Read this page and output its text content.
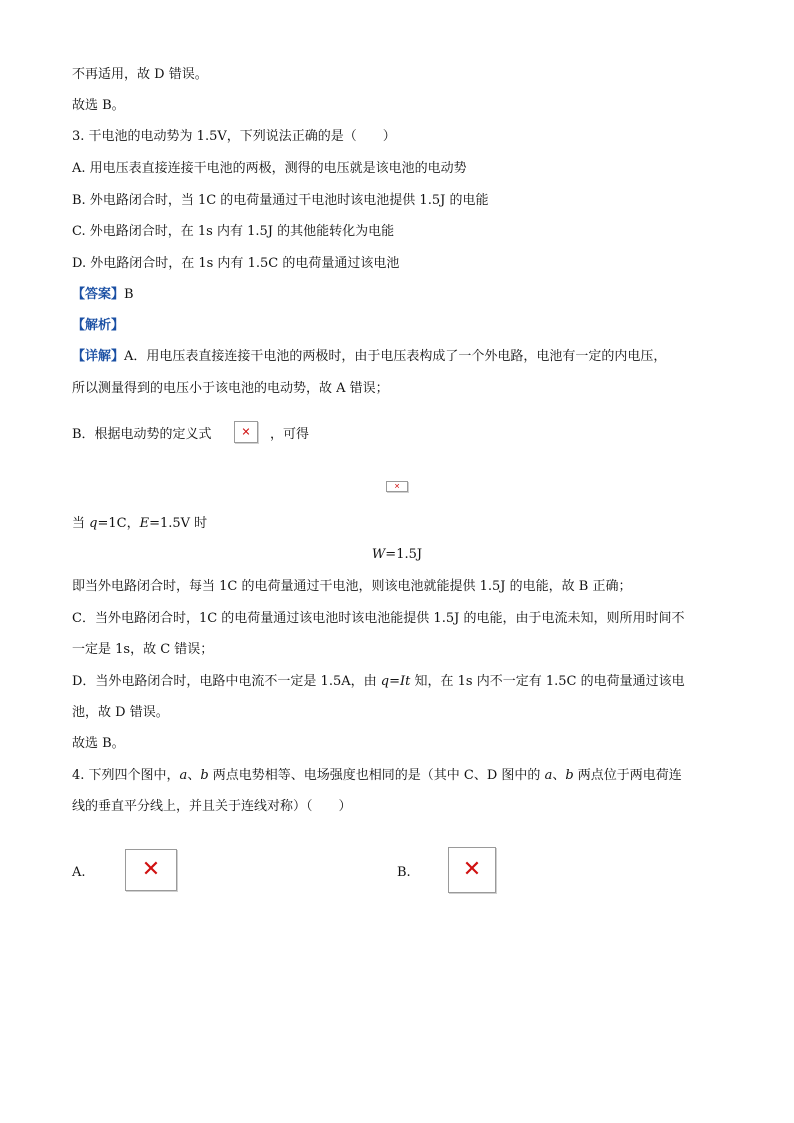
不再适用，故 D 错误。
故选 B。
3. 干电池的电动势为 1.5V，下列说法正确的是（　　）
A. 用电压表直接连接干电池的两极，测得的电压就是该电池的电动势
B. 外电路闭合时，当 1C 的电荷量通过干电池时该电池提供 1.5J 的电能
C. 外电路闭合时，在 1s 内有 1.5J 的其他能转化为电能
D. 外电路闭合时，在 1s 内有 1.5C 的电荷量通过该电池
【答案】B
【解析】
【详解】A．用电压表直接连接干电池的两极时，由于电压表构成了一个外电路，电池有一定的内电压，
所以测量得到的电压小于该电池的电动势，故 A 错误；
B．根据电动势的定义式	✕ ，可得
✕
当 q=1C，E=1.5V 时
W=1.5J
即当外电路闭合时，每当 1C 的电荷量通过干电池，则该电池就能提供 1.5J 的电能，故 B 正确；
C．当外电路闭合时，1C 的电荷量通过该电池时该电池能提供 1.5J 的电能，由于电流未知，则所用时间不
一定是 1s，故 C 错误；
D．当外电路闭合时，电路中电流不一定是 1.5A，由 q=It 知，在 1s 内不一定有 1.5C 的电荷量通过该电
池，故 D 错误。
故选 B。
4. 下列四个图中，a、b 两点电势相等、电场强度也相同的是（其中 C、D 图中的 a、b 两点位于两电荷连
线的垂直平分线上，并且关于连线对称）（　　）
A.	✕	B. ✕
